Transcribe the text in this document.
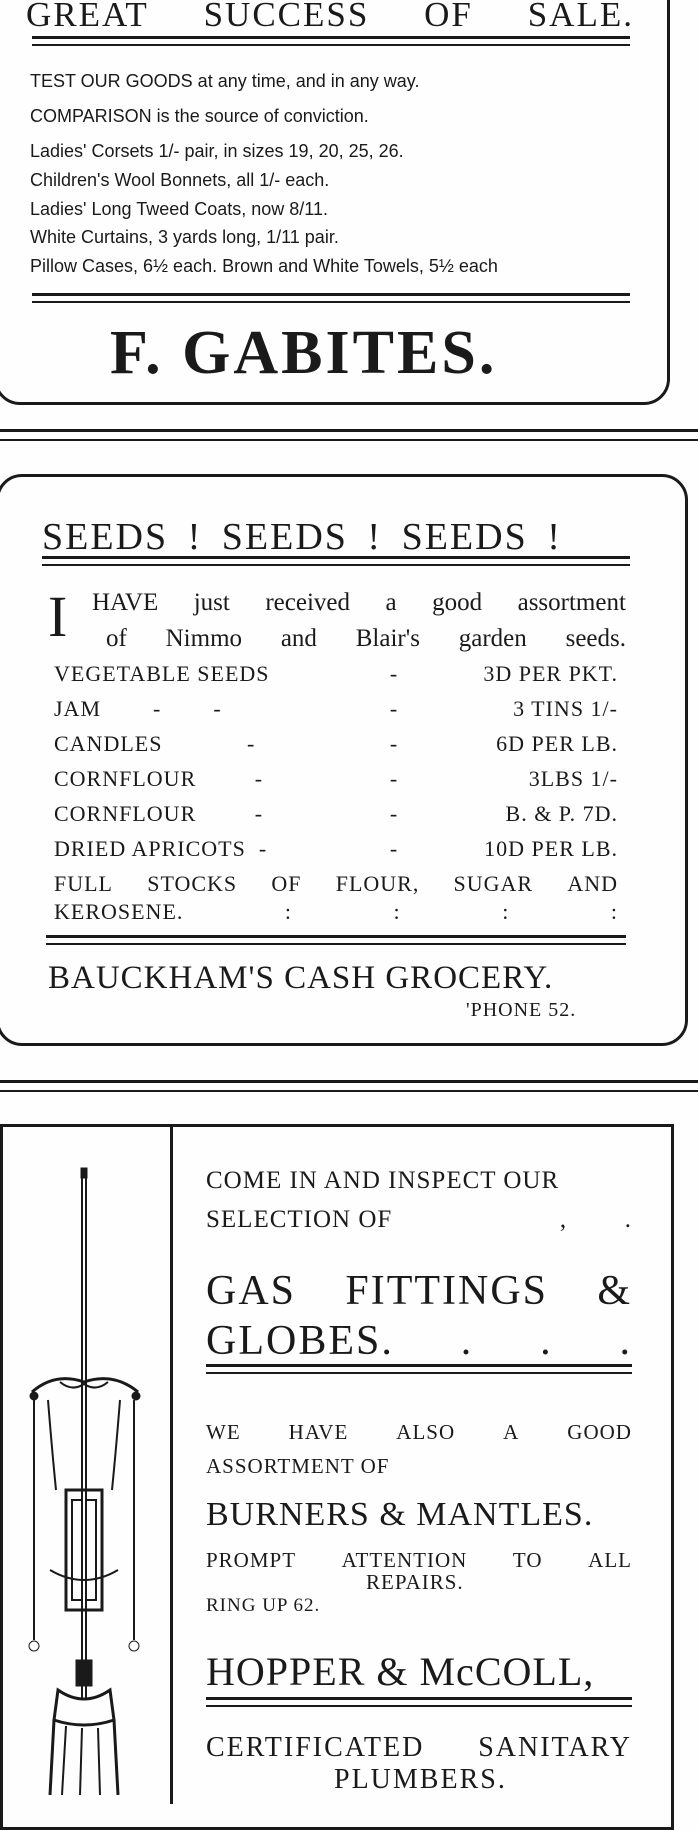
GREAT SUCCESS OF SALE.
TEST OUR GOODS at any time, and in any way.
COMPARISON is the source of conviction.
Ladies' Corsets 1/- pair, in sizes 19, 20, 25, 26.
Children's Wool Bonnets, all 1/- each.
Ladies' Long Tweed Coats, now 8/11.
White Curtains, 3 yards long, 1/11 pair.
Pillow Cases, 6½ each. Brown and White Towels, 5½ each
F. GABITES.
SEEDS ! SEEDS ! SEEDS !
I HAVE just received a good assortment
of Nimmo and Blair's garden seeds.
VEGETABLE SEEDS	-	3D PER PKT.
JAM        -        -	-	3 TINS 1/-
CANDLES             -	-	6D PER LB.
CORNFLOUR         -	-	3LBS 1/-
CORNFLOUR         -	-	B. & P. 7D.
DRIED APRICOTS  -	-	10D PER LB.
FULL STOCKS OF FLOUR, SUGAR AND
KEROSENE.	:	:	:	:
BAUCKHAM'S CASH GROCERY.
'PHONE 52.
COME IN AND INSPECT OUR
SELECTION OF	, .
GAS FITTINGS &
GLOBES. . . .
WE HAVE ALSO A GOOD
ASSORTMENT OF
BURNERS & MANTLES.
PROMPT ATTENTION TO ALL
REPAIRS.
RING UP 62.
HOPPER & McCOLL,
CERTIFICATED SANITARY
PLUMBERS.
